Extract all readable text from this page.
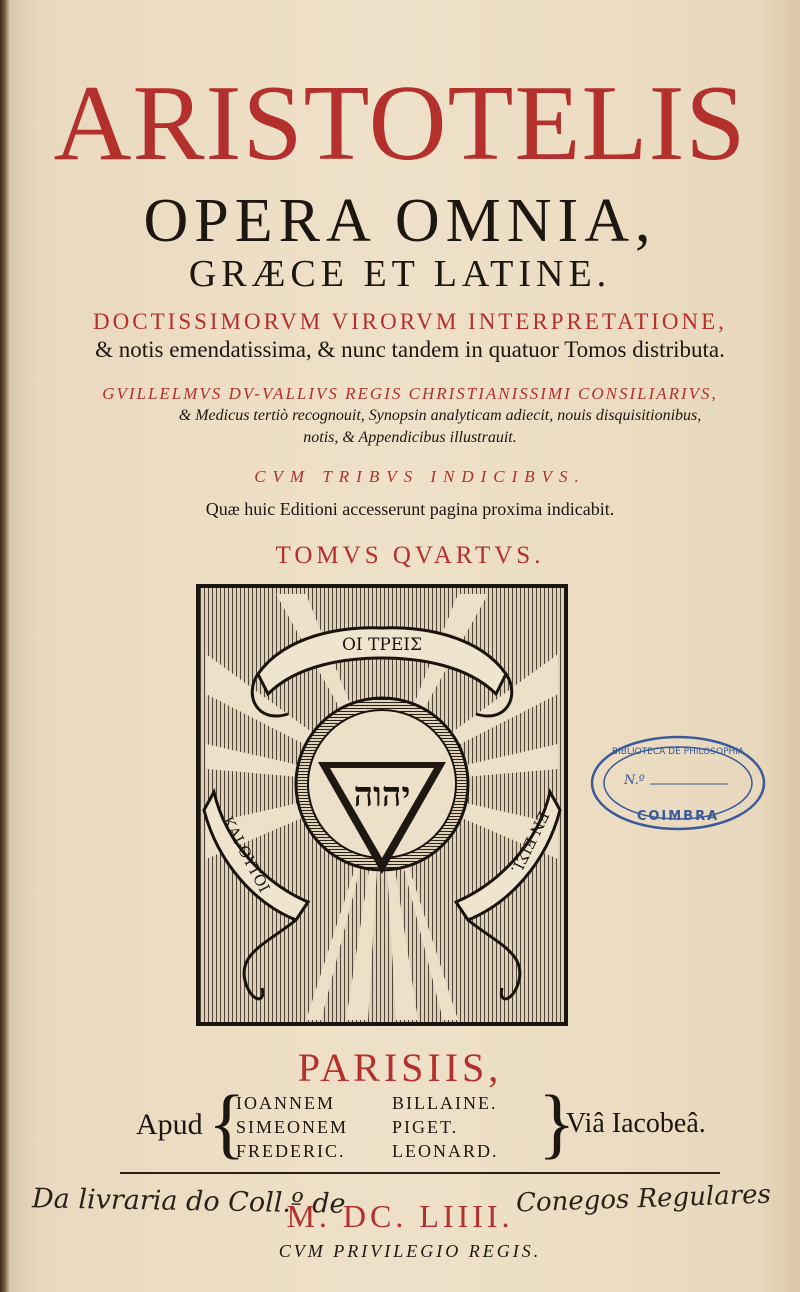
ARISTOTELIS
OPERA OMNIA,
GRÆCE ET LATINE.
DOCTISSIMORVM VIRORVM INTERPRETATIONE,
& notis emendatissima, & nunc tandem in quatuor Tomos distributa.
GVILLELMVS DV-VALLIVS REGIS CHRISTIANISSIMI CONSILIARIVS,
& Medicus tertiò recognouit, Synopsin analyticam adiecit, nouis disquisitionibus,
notis, & Appendicibus illustrauit.
CVM TRIBVS INDICIBVS.
Quæ huic Editioni accesserunt pagina proxima indicabit.
TOMVS QVARTVS.
יהוה
ΟΙ ΤΡΕΙΣ
ΚΑΙ ΟΥΤΟΙ	ΕΝ ΕΙΣΙ.
BIBLIOTECA DE PHILOSOPHIA
N.º
COIMBRA
PARISIIS,
Apud {
IOANNEM	BILLAINE.
SIMEONEM PIGET.
FREDERIC.	LEONARD. }
Viâ Iacobeâ.
Da livraria do Coll.º de
M. DC. LIIII. Conegos Regulares
CVM PRIVILEGIO REGIS.
